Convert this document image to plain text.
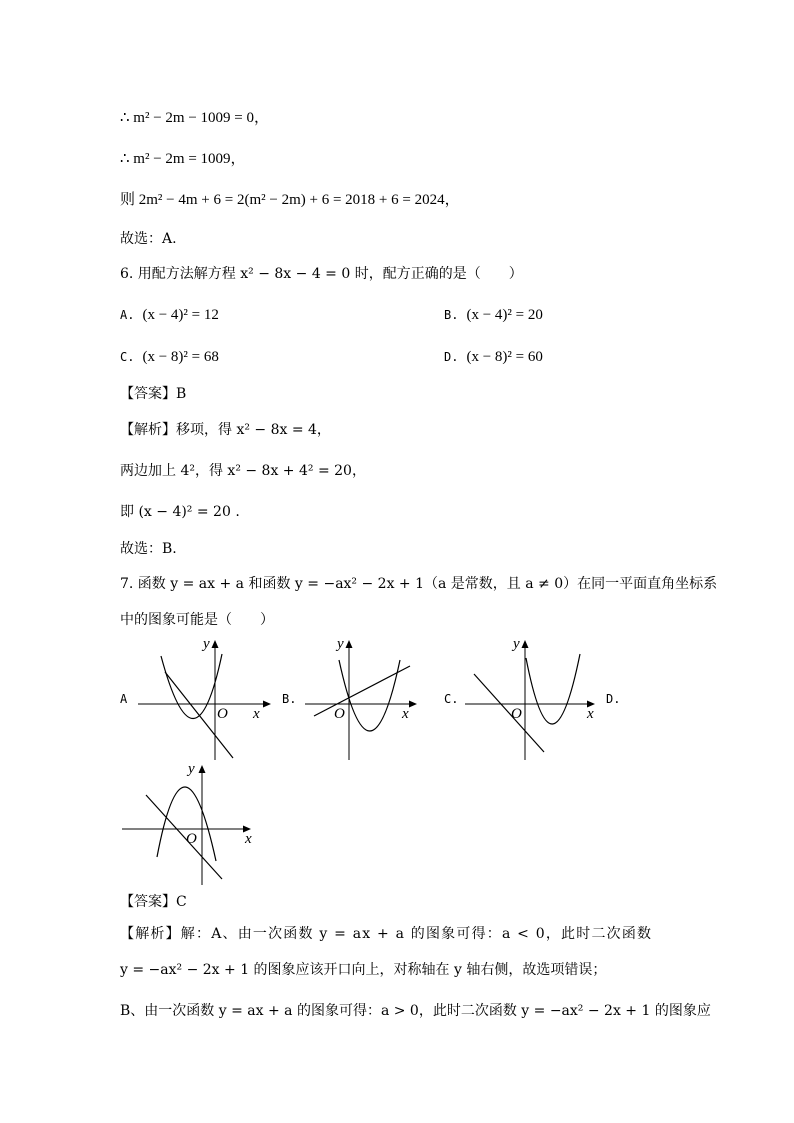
∴ m² − 2m − 1009 = 0，
∴ m² − 2m = 1009，
则 2m² − 4m + 6 = 2(m² − 2m) + 6 = 2018 + 6 = 2024，
故选：A.
6. 用配方法解方程 x² − 8x − 4 = 0 时，配方正确的是（　　）
A. (x − 4)² = 12	B. (x − 4)² = 20
C. (x − 8)² = 68	D. (x − 8)² = 60
【答案】B
【解析】移项，得 x² − 8x = 4，
两边加上 4²，得 x² − 8x + 4² = 20，
即 (x − 4)² = 20 .
故选：B.
7. 函数 y = ax + a 和函数 y = −ax² − 2x + 1（a 是常数，且 a ≠ 0）在同一平面直角坐标系
中的图象可能是（　　）
A	B.	C.	D.
x
y
O	x
y
O	x
y
O
x
y
O
【答案】C
【解析】解：A、由一次函数 y = ax + a 的图象可得：a < 0，此时二次函数
y = −ax² − 2x + 1 的图象应该开口向上，对称轴在 y 轴右侧，故选项错误；
B、由一次函数 y = ax + a 的图象可得：a > 0，此时二次函数 y = −ax² − 2x + 1 的图象应
